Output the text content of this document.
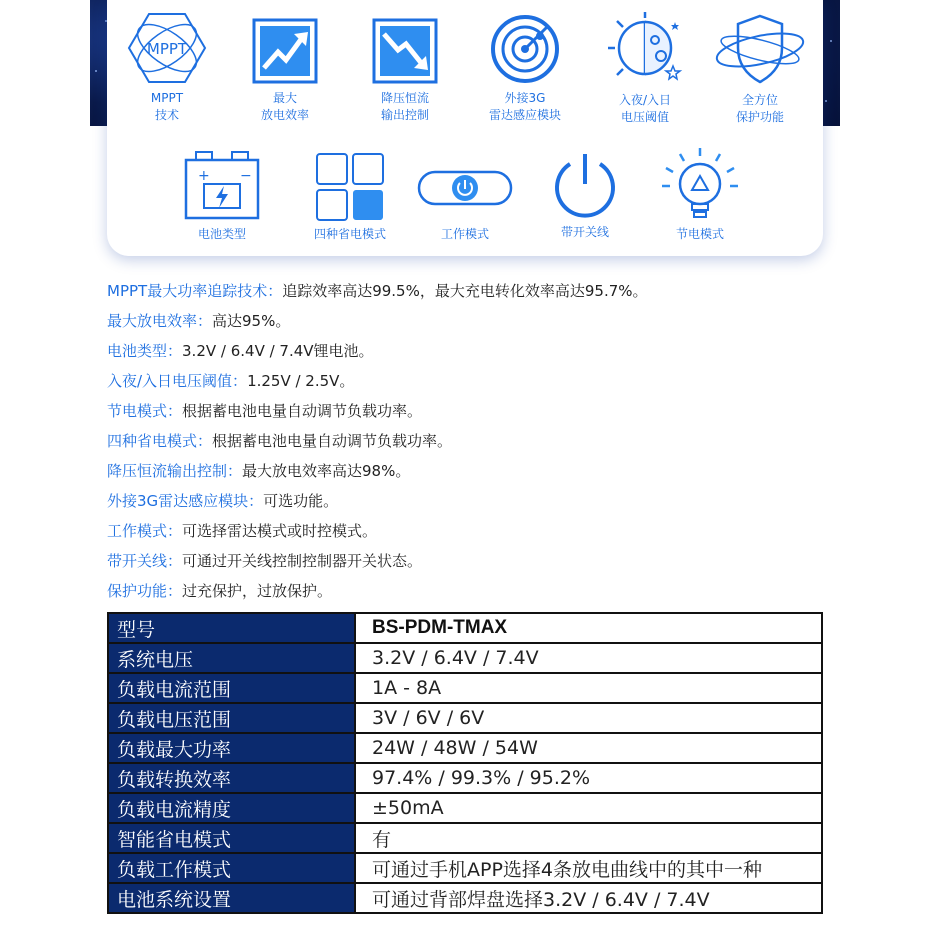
MPPT
MPPT
技术
最大
放电效率
降压恒流
输出控制
外接3G
雷达感应模块
入夜/入日
电压阈值
全方位
保护功能
+ −
电池类型	四种省电模式	工作模式	带开关线	节电模式
MPPT最大功率追踪技术：追踪效率高达99.5%，最大充电转化效率高达95.7%。
最大放电效率：高达95%。
电池类型：3.2V / 6.4V / 7.4V锂电池。
入夜/入日电压阈值：1.25V / 2.5V。
节电模式：根据蓄电池电量自动调节负载功率。
四种省电模式：根据蓄电池电量自动调节负载功率。
降压恒流输出控制：最大放电效率高达98%。
外接3G雷达感应模块：可选功能。
工作模式：可选择雷达模式或时控模式。
带开关线：可通过开关线控制控制器开关状态。
保护功能：过充保护，过放保护。
型号	BS-PDM-TMAX
系统电压	3.2V / 6.4V / 7.4V
负载电流范围	1A - 8A
负载电压范围	3V / 6V / 6V
负载最大功率	24W / 48W / 54W
负载转换效率	97.4% / 99.3% / 95.2%
负载电流精度	±50mA
智能省电模式	有
负载工作模式	可通过手机APP选择4条放电曲线中的其中一种
电池系统设置	可通过背部焊盘选择3.2V / 6.4V / 7.4V
